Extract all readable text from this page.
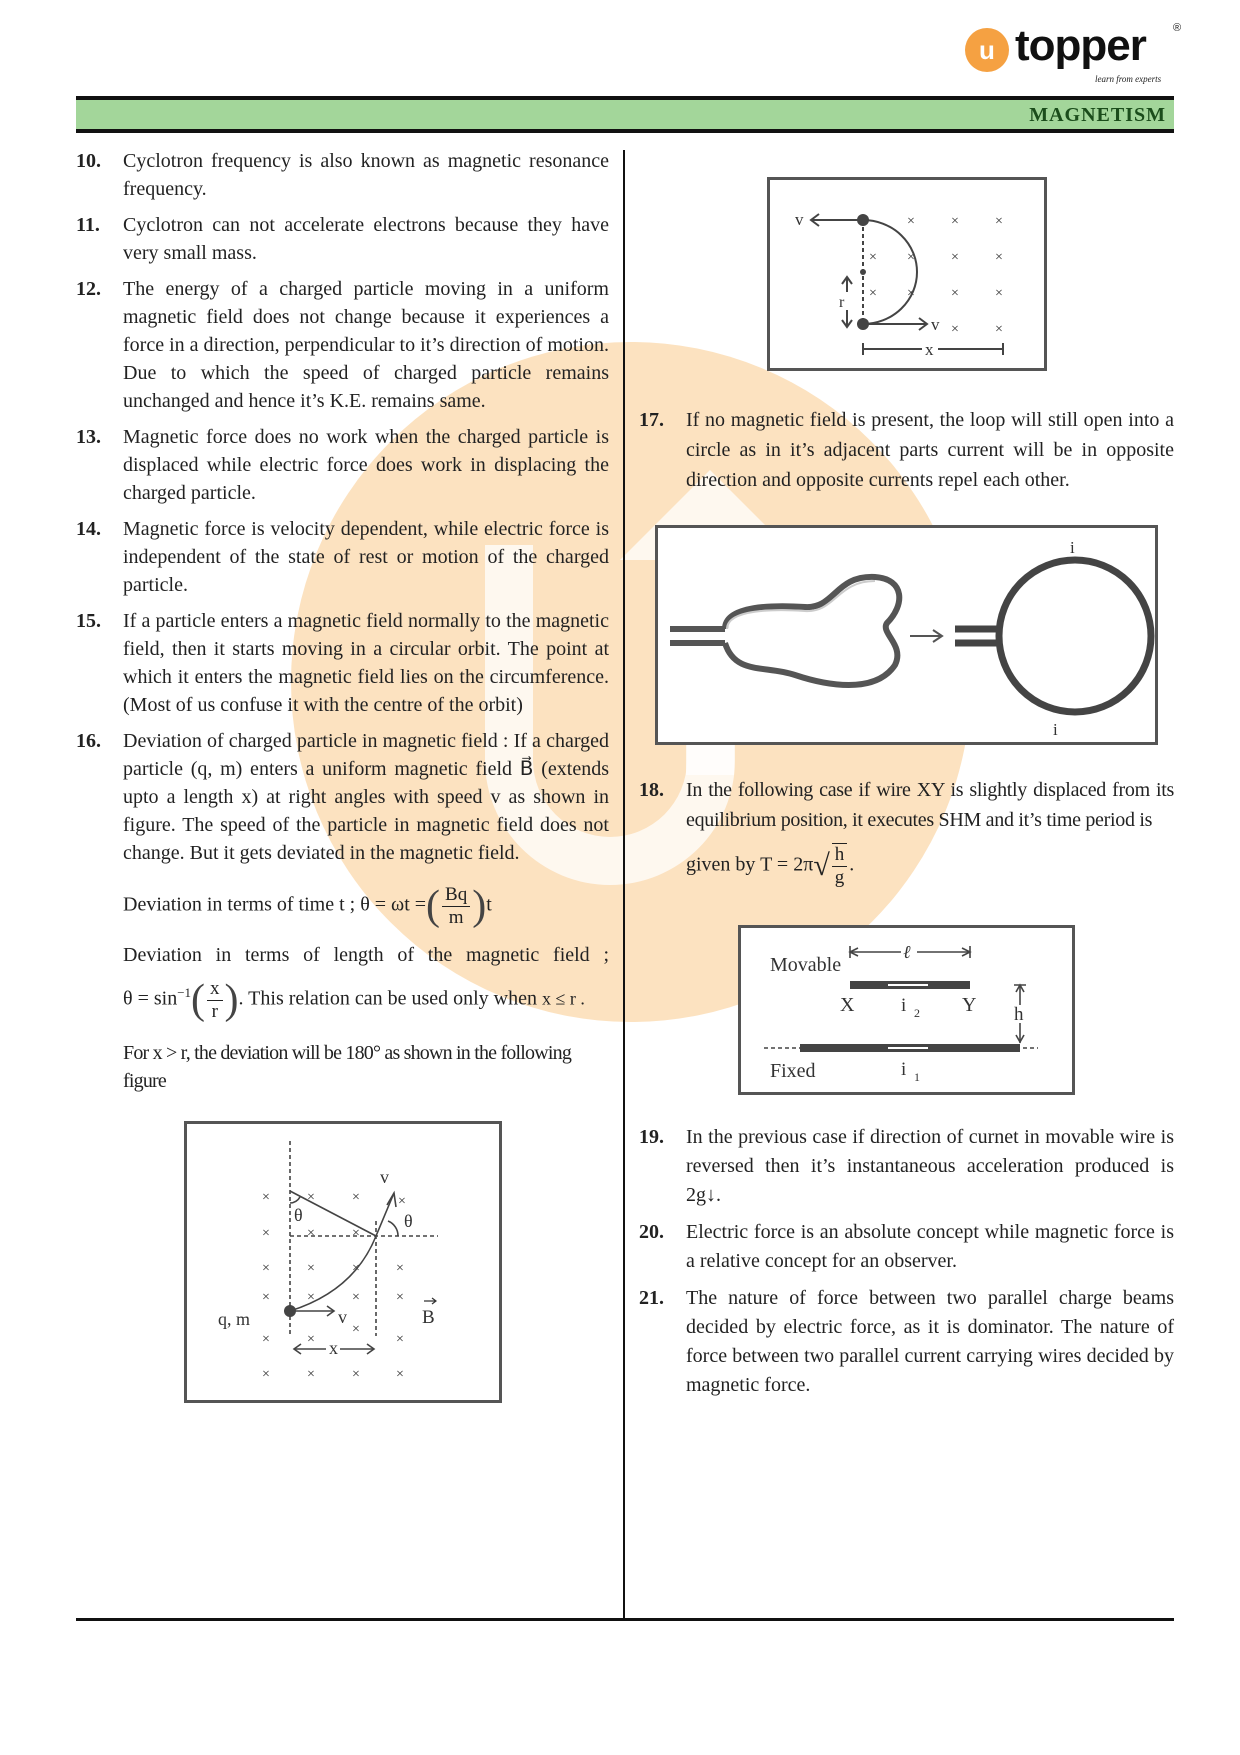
u topper ®
learn from experts
MAGNETISM
10. Cyclotron frequency is also known as magnetic resonance frequency.
11. Cyclotron can not accelerate electrons because they have very small mass.
12. The energy of a charged particle moving in a uniform magnetic field does not change because it experiences a force in a direction, perpendicular to it’s direction of motion. Due to which the speed of charged particle remains unchanged and hence it’s K.E. remains same.
13. Magnetic force does no work when the charged particle is displaced while electric force does work in displacing the charged particle.
14. Magnetic force is velocity dependent, while electric force is independent of the state of rest or motion of the charged particle.
15. If a particle enters a magnetic field normally to the magnetic field, then it starts moving in a circular orbit. The point at which it enters the magnetic field lies on the circumference. (Most of us confuse it with the centre of the orbit)
16. Deviation of charged particle in magnetic field : If a charged particle (q, m) enters a uniform magnetic field B⃗ (extends upto a length x) at right angles with speed v as shown in figure. The speed of the particle in magnetic field does not change. But it gets deviated in the magnetic field.
Deviation in terms of time t ; θ = ωt =( $\frac{Bq}{m} )t$
Deviation in terms of length of the magnetic field ;
$\theta = \sin^{-1}( \frac{x}{r}$ ). This relation can be used only when x ≤ r .
For x > r, the deviation will be 180° as shown in the following figure
×	×	×	×
×	×	×
×	×	×	×
×	×	×	×
×	×
×
×
×	×	×	×
q, m	v
v
θ	θ
x
B
×	×	×
× ×	×	×
× ×	×	×
×	×
v
v
r
x
17. If no magnetic field is present, the loop will still open into a circle as in it’s adjacent parts current will be in opposite direction and opposite currents repel each other.
i
i
18. In the following case if wire XY is slightly displaced from its equilibrium position, it executes SHM and it’s time period is
given by $T = 2\pi√ \frac{h}{g}$ .
ℓ
Movable
X	Y
i 2	h
Fixed	i 1
19. In the previous case if direction of curnet in movable wire is reversed then it’s instantaneous acceleration produced is 2g↓.
20. Electric force is an absolute concept while magnetic force is a relative concept for an observer.
21. The nature of force between two parallel charge beams decided by electric force, as it is dominator. The nature of force between two parallel current carrying wires decided by magnetic force.
